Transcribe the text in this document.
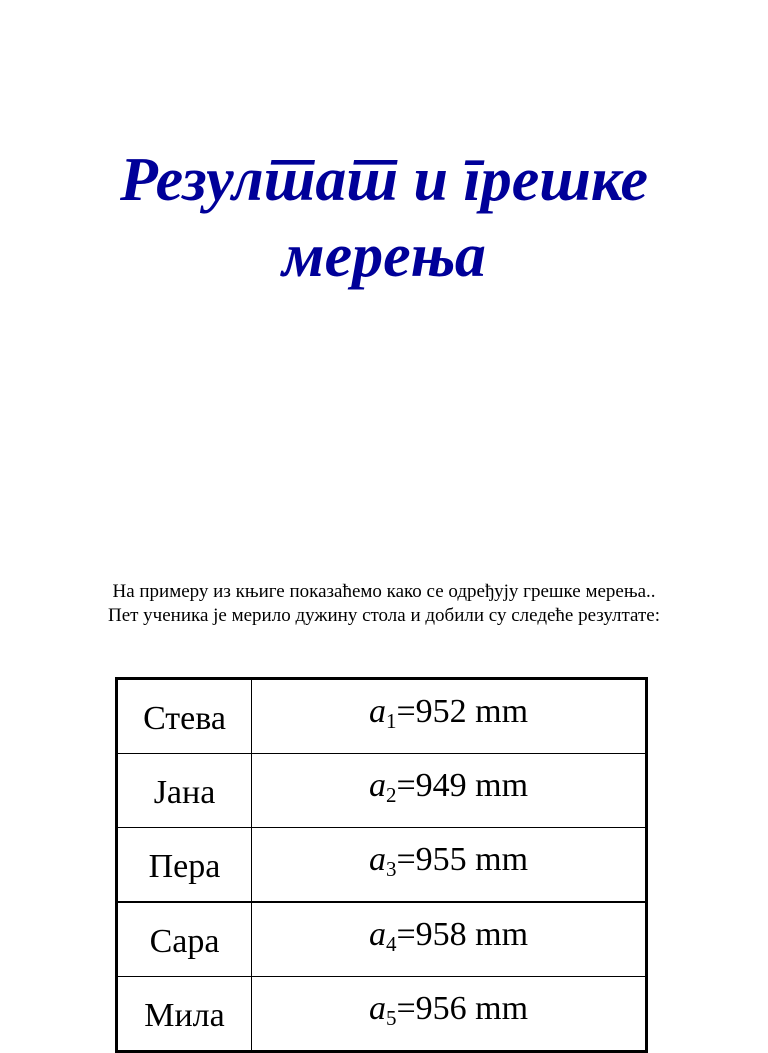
Резултат и грешке
мерења
На примеру из књиге показаћемо како се одређују грешке мерења..
Пет ученика је мерило дужину стола и добили су следеће резултате:
Стева	$a_1=952$ mm
Јана	$a_2=949$ mm
Пера	$a_3=955$ mm
Сара	$a_4=958$ mm
Мила	$a_5=956$ mm
